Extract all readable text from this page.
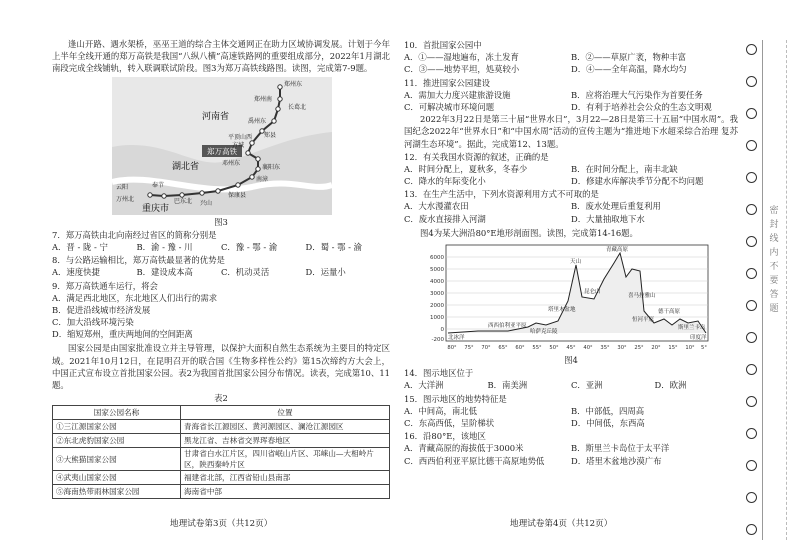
逢山开路、遇水架桥，巫巫王道的综合主体交通网正在助力区域协调发展。计划于今年上半年全线开通的郑万高铁是我国“八纵八横”高速铁路网的重要组成部分，2022年1月湖北南段完成全线铺轨，转入联调联试阶段。图3为郑万高铁线路图。读图，完成第7-9题。

郑万高铁
河南省
湖北省
重庆市
郑州东
郑州南
长葛北
禹州东
郏县
平顶山西
方城
邓州东
襄阳东
南漳
保康县
兴山
巴东北
奉节
云阳
万州北

图3

7．郑万高铁由北向南经过省区的简称分别是

A．晋 - 陇 - 宁	B．渝 - 豫 - 川	C．豫 - 鄂 - 渝	D．蜀 - 鄂 - 渝

8．与公路运输相比，郑万高铁最显著的优势是

A．速度快捷	B．建设成本高	C．机动灵活	D．运量小

9．郑万高铁通车运行，将会

A．满足西北地区，东北地区人们出行的需求
B．促进沿线城市经济发展
C．加大沿线环境污染
D．缩短郑州，重庆两地间的空间距离

国家公园是由国家批准设立并主导管理，以保护大面积自然生态系统为主要目的特定区域。2021年10月12日，在昆明召开的联合国《生物多样性公约》第15次缔约方大会上，中国正式宣布设立首批国家公园。表2为我国首批国家公园分布情况。读表，完成第10、11题。

表2

国家公园名称	位置
①三江源国家公园	青海省长江源园区、黄河源园区、澜沧江源园区
②东北虎豹国家公园	黑龙江省、吉林省交界珲春地区
③大熊猫国家公园	甘肃省白水江片区，四川省岷山片区、邛崃山—大相岭片区，陕西秦岭片区
④武夷山国家公园	福建省北部，江西省铅山县南部
⑤海南热带雨林国家公园	海南省中部
地理试卷第3页（共12页）

10．首批国家公园中

A．①——湿地遍布，冻土发育	B．②——草原广袤，物种丰富
C．③——地势平坦，処莫较小	D．④——全年高温，降水均匀

11．推进国家公园建设

A．需加大力度兴建旅游设施	B．应将治理大气污染作为首要任务
C．可解决城市环境问题	D．有利于培养社会公众的生态文明观

2022年3月22日是第三十届“世界水日”，3月22—28日是第三十五届“中国水周”。我国纪念2022年“世界水日”和“中国水周”活动的宣传主题为“推进地下水超采综合治理 复苏河湖生态环境”。据此，完成第12、13题。

12．有关我国水资源的叙述，正确的是

A．时间分配上，夏秋多，冬春少	B．在时间分配上，南丰北缺
C．降水的年际变化小	D．修建水库解决季节分配不均问题

13．在生产生活中，下列水资源利用方式不可取的是

A．大水漫灌农田	B．废水处理后重复利用
C．废水直接排入河湖	D．大量抽取地下水

图4为某大洲沿80°E地形剖面图。读图，完成第14-16题。

6000
5000
4000
3000
2000
1000
0
-200 北冰洋
西西伯利亚平原
哈萨克丘陵
天山
塔里木盆地
昆仑山
青藏高原
喜马拉雅山
恒河平原
德干高原
印度洋
斯里兰卡岛
80° 75° 70° 65° 60° 55° 50° 45° 40° 35° 30° 25° 20° 15° 10° 5°

图4

14．图示地区位于

A．大洋洲	B．南美洲	C．亚洲	D．欧洲

15．图示地区的地势特征是

A．中间高，南北低	B．中部低，四周高
C．东高西低，呈阶梯状	D．中间低，东西高

16．沿80°E，该地区

A．青藏高原的海拔低于3000米	B．斯里兰卡岛位于太平洋
C．西西伯利亚平原比德干高原地势低	D．塔里木盆地沙漠广布
地理试卷第4页（共12页）
密封线内不要答题
